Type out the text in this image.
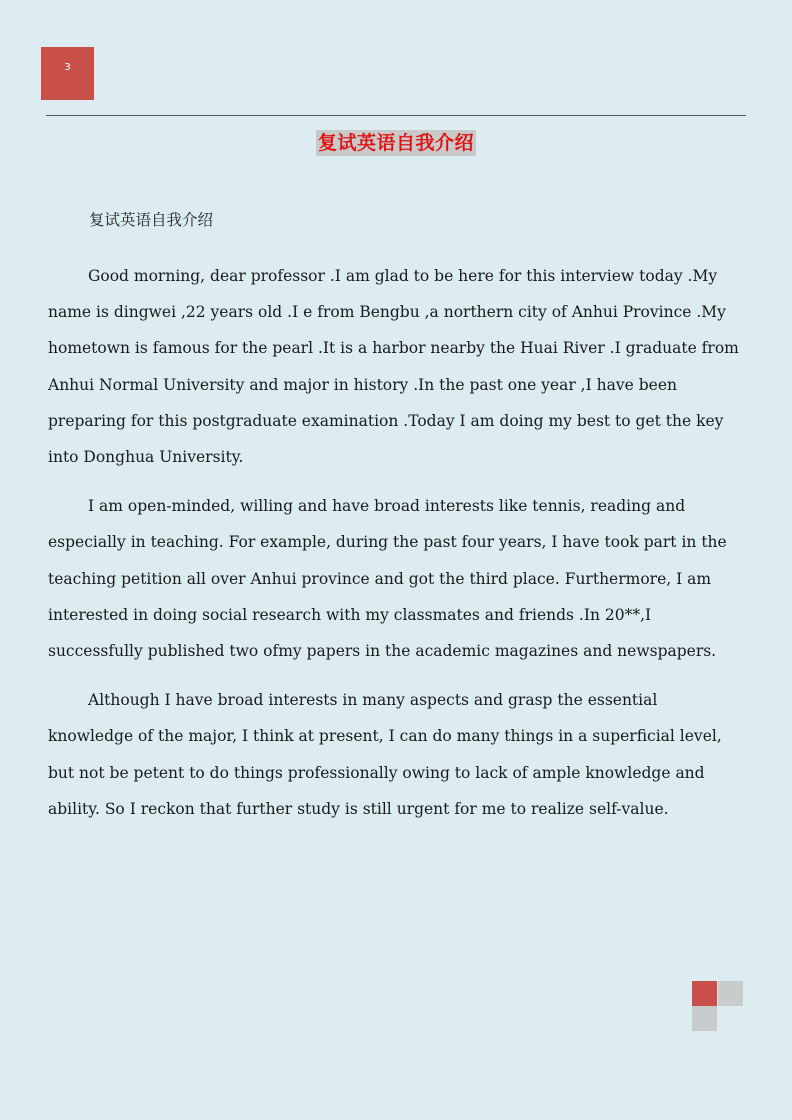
3
复试英语自我介绍

复试英语自我介绍

Good morning, dear professor .I am glad to be here for this interview today .My name is dingwei ,22 years old .I e from Bengbu ,a northern city of Anhui Province .My hometown is famous for the pearl .It is a harbor nearby the Huai River .I graduate from Anhui Normal University and major in history .In the past one year ,I have been preparing for this postgraduate examination .Today I am doing my best to get the key into Donghua University.

I am open-minded, willing and have broad interests like tennis, reading and especially in teaching. For example, during the past four years, I have took part in the teaching petition all over Anhui province and got the third place. Furthermore, I am interested in doing social research with my classmates and friends .In 20**,I successfully published two ofmy papers in the academic magazines and newspapers.

Although I have broad interests in many aspects and grasp the essential knowledge of the major, I think at present, I can do many things in a superficial level, but not be petent to do things professionally owing to lack of ample knowledge and ability. So I reckon that further study is still urgent for me to realize self-value.
